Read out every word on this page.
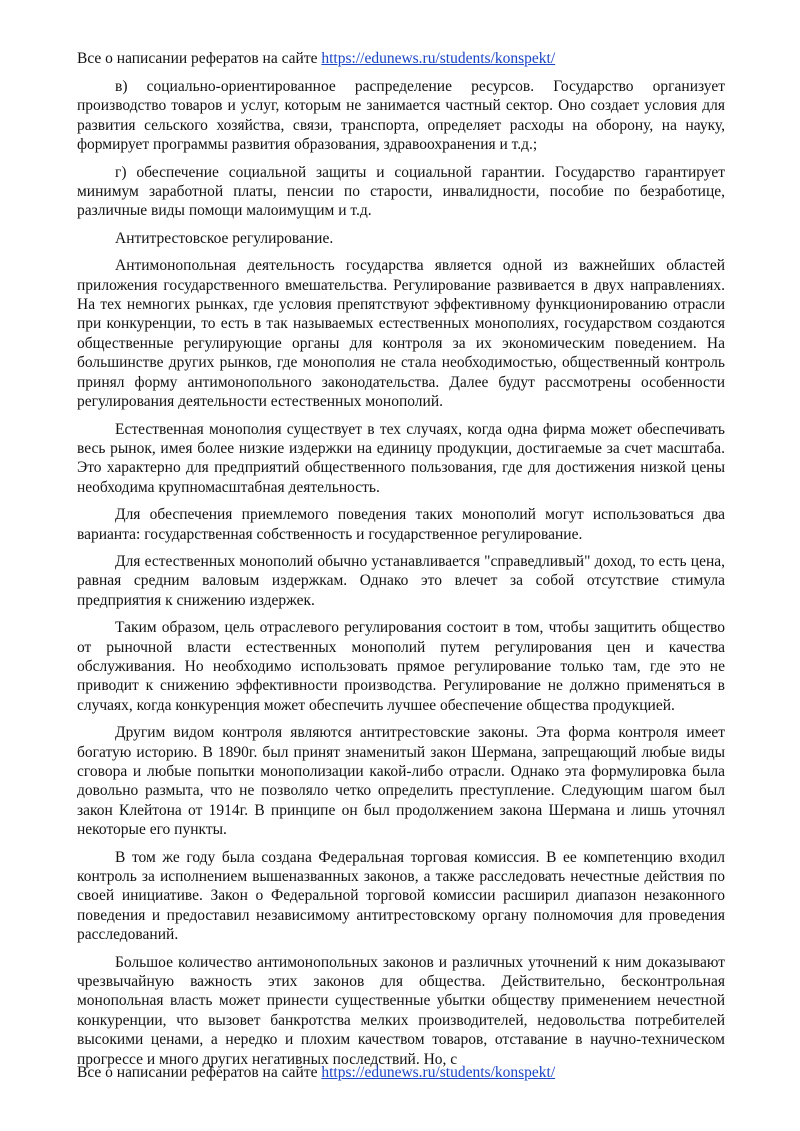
Все о написании рефератов на сайте https://edunews.ru/students/konspekt/

в) социально-ориентированное распределение ресурсов. Государство организует производство товаров и услуг, которым не занимается частный сектор. Оно создает условия для развития сельского хозяйства, связи, транспорта, определяет расходы на оборону, на науку, формирует программы развития образования, здравоохранения и т.д.;

г) обеспечение социальной защиты и социальной гарантии. Государство гарантирует минимум заработной платы, пенсии по старости, инвалидности, пособие по безработице, различные виды помощи малоимущим и т.д.

Антитрестовское регулирование.

Антимонопольная деятельность государства является одной из важнейших областей приложения государственного вмешательства. Регулирование развивается в двух направлениях. На тех немногих рынках, где условия препятствуют эффективному функционированию отрасли при конкуренции, то есть в так называемых естественных монополиях, государством создаются общественные регулирующие органы для контроля за их экономическим поведением. На большинстве других рынков, где монополия не стала необходимостью, общественный контроль принял форму антимонопольного законодательства. Далее будут рассмотрены особенности регулирования деятельности естественных монополий.

Естественная монополия существует в тех случаях, когда одна фирма может обеспечивать весь рынок, имея более низкие издержки на единицу продукции, достигаемые за счет масштаба. Это характерно для предприятий общественного пользования, где для достижения низкой цены необходима крупномасштабная деятельность.

Для обеспечения приемлемого поведения таких монополий могут использоваться два варианта: государственная собственность и государственное регулирование.

Для естественных монополий обычно устанавливается "справедливый" доход, то есть цена, равная средним валовым издержкам. Однако это влечет за собой отсутствие стимула предприятия к снижению издержек.

Таким образом, цель отраслевого регулирования состоит в том, чтобы защитить общество от рыночной власти естественных монополий путем регулирования цен и качества обслуживания. Но необходимо использовать прямое регулирование только там, где это не приводит к снижению эффективности производства. Регулирование не должно применяться в случаях, когда конкуренция может обеспечить лучшее обеспечение общества продукцией.

Другим видом контроля являются антитрестовские законы. Эта форма контроля имеет богатую историю. В 1890г. был принят знаменитый закон Шермана, запрещающий любые виды сговора и любые попытки монополизации какой-либо отрасли. Однако эта формулировка была довольно размыта, что не позволяло четко определить преступление. Следующим шагом был закон Клейтона от 1914г. В принципе он был продолжением закона Шермана и лишь уточнял некоторые его пункты.

В том же году была создана Федеральная торговая комиссия. В ее компетенцию входил контроль за исполнением вышеназванных законов, а также расследовать нечестные действия по своей инициативе. Закон о Федеральной торговой комиссии расширил диапазон незаконного поведения и предоставил независимому антитрестовскому органу полномочия для проведения расследований.

Большое количество антимонопольных законов и различных уточнений к ним доказывают чрезвычайную важность этих законов для общества. Действительно, бесконтрольная монопольная власть может принести существенные убытки обществу применением нечестной конкуренции, что вызовет банкротства мелких производителей, недовольства потребителей высокими ценами, а нередко и плохим качеством товаров, отставание в научно-техническом прогрессе и много других негативных последствий. Но, с

Все о написании рефератов на сайте https://edunews.ru/students/konspekt/
